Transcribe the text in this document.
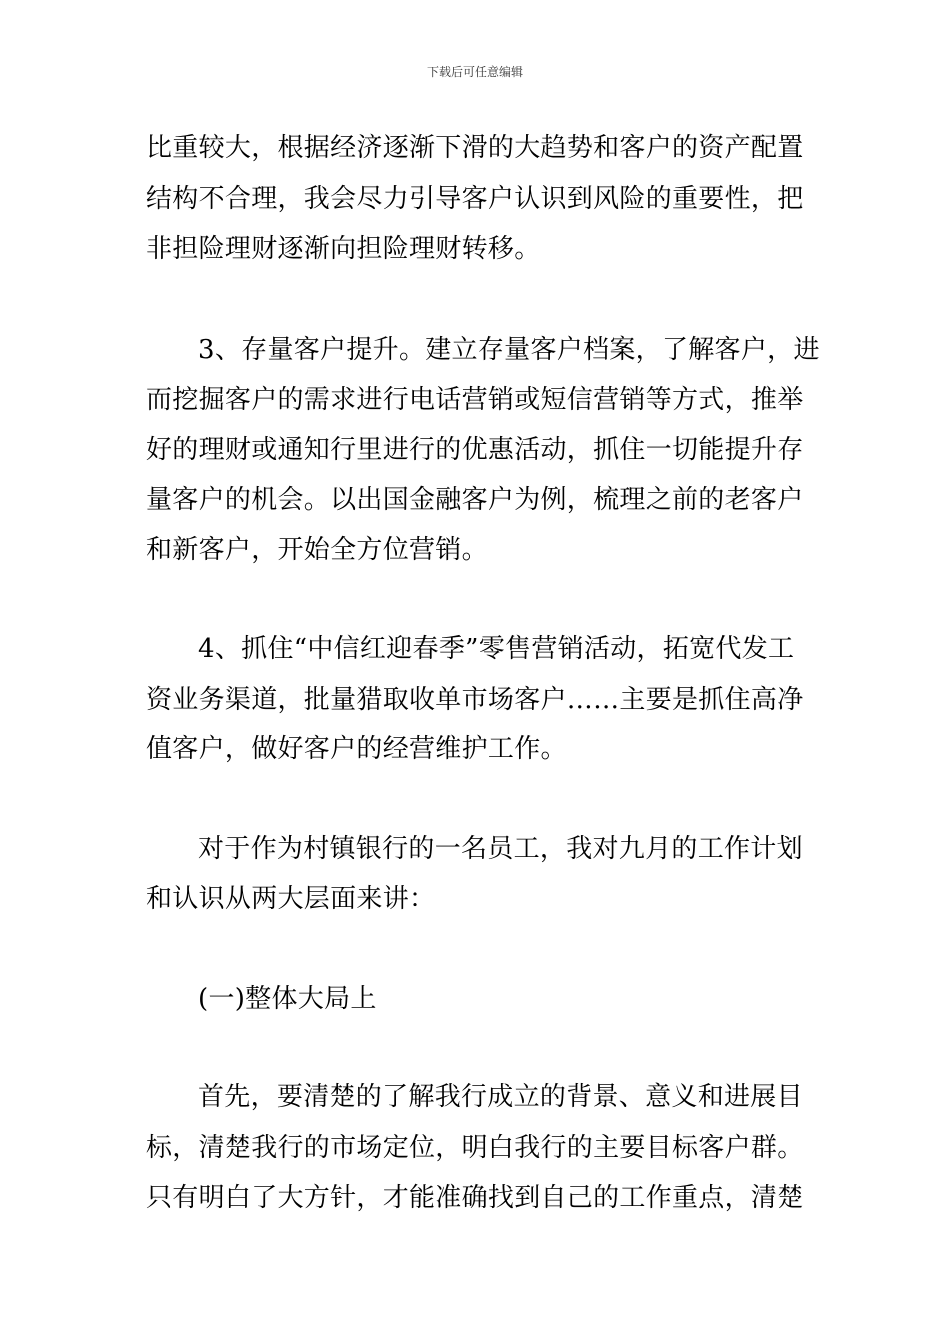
下载后可任意编辑
比重较大，根据经济逐渐下滑的大趋势和客户的资产配置
结构不合理，我会尽力引导客户认识到风险的重要性，把
非担险理财逐渐向担险理财转移。
3、存量客户提升。建立存量客户档案，了解客户，进
而挖掘客户的需求进行电话营销或短信营销等方式，推举
好的理财或通知行里进行的优惠活动，抓住一切能提升存
量客户的机会。以出国金融客户为例，梳理之前的老客户
和新客户，开始全方位营销。
4、抓住“中信红迎春季”零售营销活动，拓宽代发工
资业务渠道，批量猎取收单市场客户……主要是抓住高净
值客户，做好客户的经营维护工作。
对于作为村镇银行的一名员工，我对九月的工作计划
和认识从两大层面来讲：
(一)整体大局上
首先，要清楚的了解我行成立的背景、意义和进展目
标，清楚我行的市场定位，明白我行的主要目标客户群。
只有明白了大方针，才能准确找到自己的工作重点，清楚
